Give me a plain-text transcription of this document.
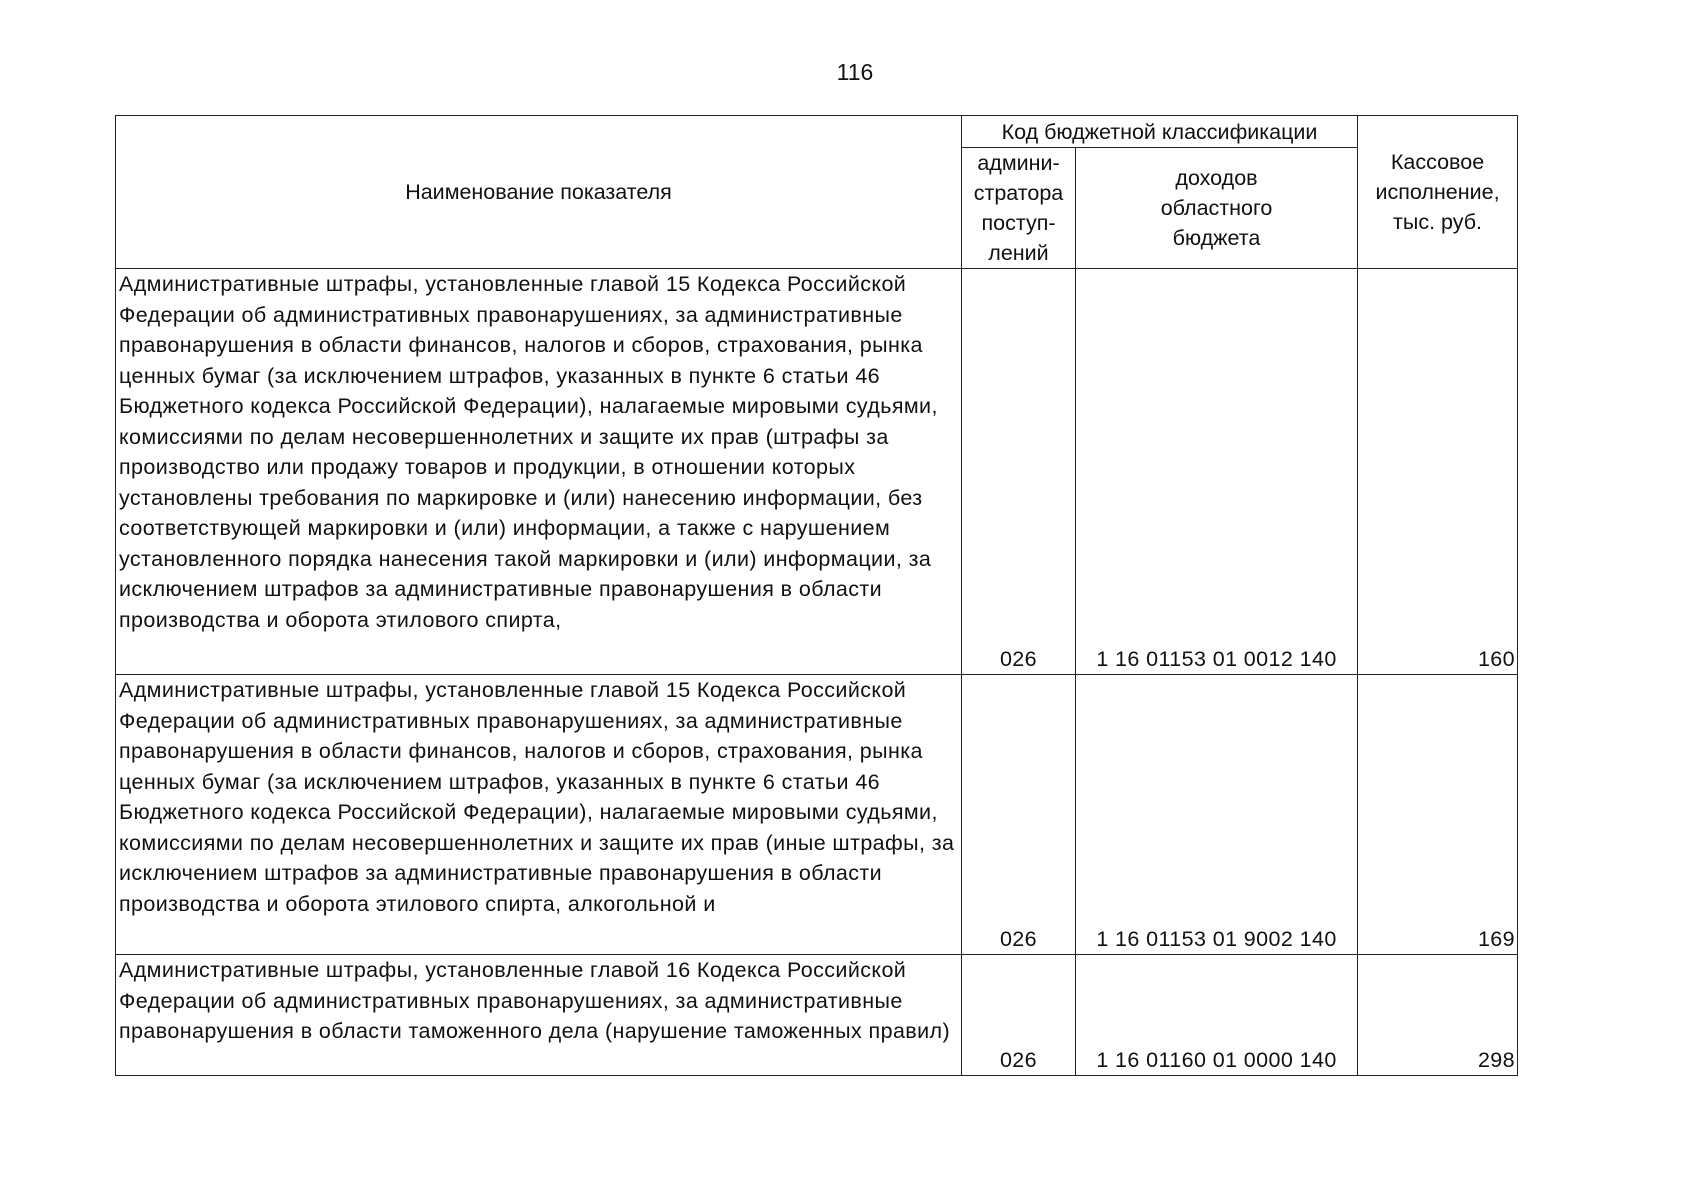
116
Наименование показателя	Код бюджетной классификации		Кассовое исполнение, тыс. руб.

	админи-стратора поступ-лений	доходов областного бюджета	

Административные штрафы, установленные главой 15 Кодекса Российской Федерации об административных правонарушениях, за административные правонарушения в области финансов, налогов и сборов, страхования, рынка ценных бумаг (за исключением штрафов, указанных в пункте 6 статьи 46 Бюджетного кодекса Российской Федерации), налагаемые мировыми судьями, комиссиями по делам несовершеннолетних и защите их прав (штрафы за производство или продажу товаров и продукции, в отношении которых установлены требования по маркировке и (или) нанесению информации, без соответствующей маркировки и (или) информации, а также с нарушением установленного порядка нанесения такой маркировки и (или) информации, за исключением штрафов за административные правонарушения в области производства и оборота этилового спирта,	026	1 16 01153 01 0012 140	160

Административные штрафы, установленные главой 15 Кодекса Российской Федерации об административных правонарушениях, за административные правонарушения в области финансов, налогов и сборов, страхования, рынка ценных бумаг (за исключением штрафов, указанных в пункте 6 статьи 46 Бюджетного кодекса Российской Федерации), налагаемые мировыми судьями, комиссиями по делам несовершеннолетних и защите их прав (иные штрафы, за исключением штрафов за административные правонарушения в области производства и оборота этилового спирта, алкогольной и	026	1 16 01153 01 9002 140	169

Административные штрафы, установленные главой 16 Кодекса Российской Федерации об административных правонарушениях, за административные правонарушения в области таможенного дела (нарушение таможенных правил)	026	1 16 01160 01 0000 140	298
